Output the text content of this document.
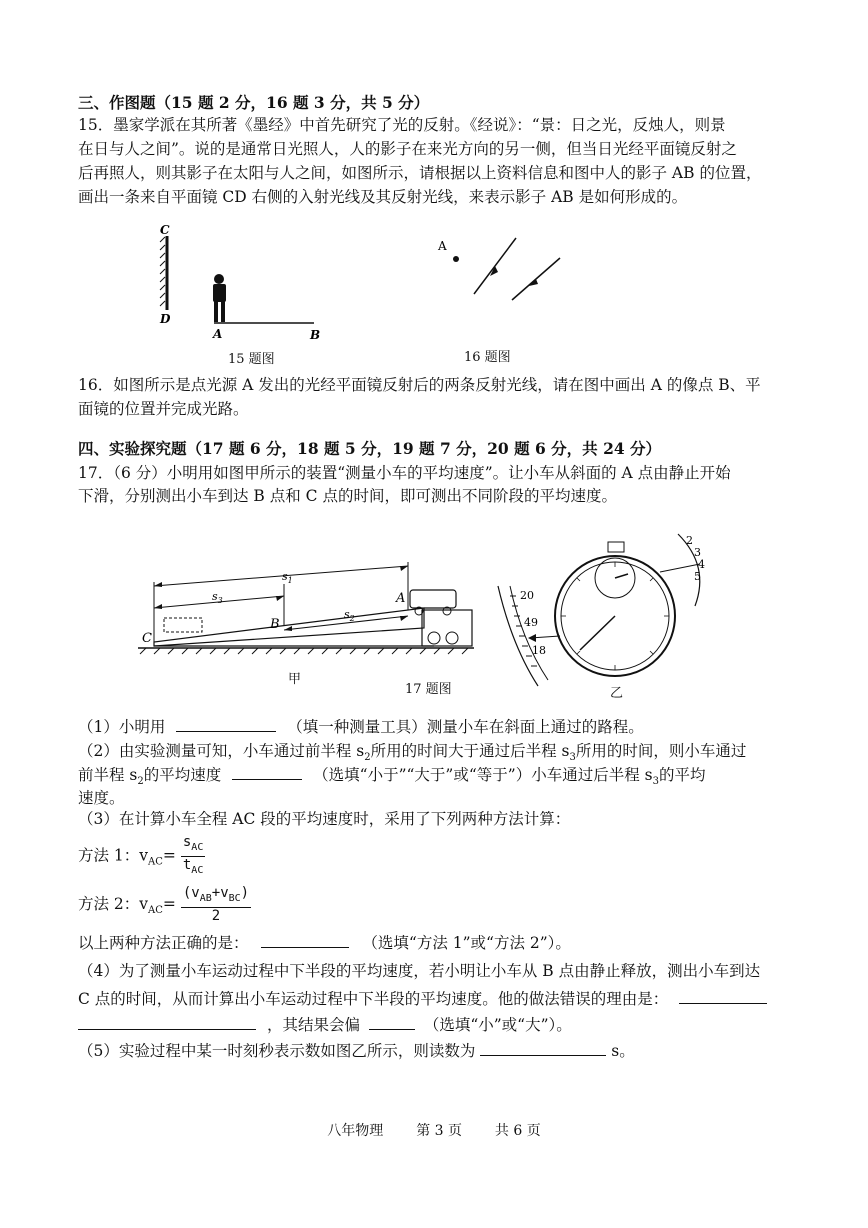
三、作图题（15 题 2 分，16 题 3 分，共 5 分）
15．墨家学派在其所著《墨经》中首先研究了光的反射。《经说》：“景：日之光，反烛人，则景
在日与人之间”。说的是通常日光照人，人的影子在来光方向的另一侧，但当日光经平面镜反射之
后再照人，则其影子在太阳与人之间，如图所示，请根据以上资料信息和图中人的影子 AB 的位置，
画出一条来自平面镜 CD 右侧的入射光线及其反射光线，来表示影子 AB 是如何形成的。
C
D
A	B
15 题图
A
16 题图
16．如图所示是点光源 A 发出的光经平面镜反射后的两条反射光线，请在图中画出 A 的像点 B、平
面镜的位置并完成光路。
四、实验探究题（17 题 6 分，18 题 5 分，19 题 7 分，20 题 6 分，共 24 分）
17．（6 分）小明用如图甲所示的装置“测量小车的平均速度”。让小车从斜面的 A 点由静止开始
下滑，分别测出小车到达 B 点和 C 点的时间，即可测出不同阶段的平均速度。
$s_1$
$s_3$
$s_2$
A
B
C
甲
17 题图
20
49
18
2
3
4
5
乙
（1）小明用	（填一种测量工具）测量小车在斜面上通过的路程。
（2）由实验测量可知，小车通过前半程 $s_2$所用的时间大于通过后半程 $s_3$所用的时间，则小车通过
前半程 $s_2$的平均速度	（选填“小于”“大于”或“等于”）小车通过后半程 $s_3$的平均
速度。
（3）在计算小车全程 AC 段的平均速度时，采用了下列两种方法计算：
方法 1：$v_{AC}= \frac{s_{AC}}{t_{AC}}$
方法 2：$v_{AC}= \frac{(v_{AB}+v_{BC})}{2}$
以上两种方法正确的是：	（选填“方法 1”或“方法 2”）。
（4）为了测量小车运动过程中下半段的平均速度，若小明让小车从 B 点由静止释放，测出小车到达
C 点的时间，从而计算出小车运动过程中下半段的平均速度。他的做法错误的理由是：
，其结果会偏	（选填“小”或“大”）。
（5）实验过程中某一时刻秒表示数如图乙所示，则读数为	s。
八年物理 第 3 页 共 6 页
